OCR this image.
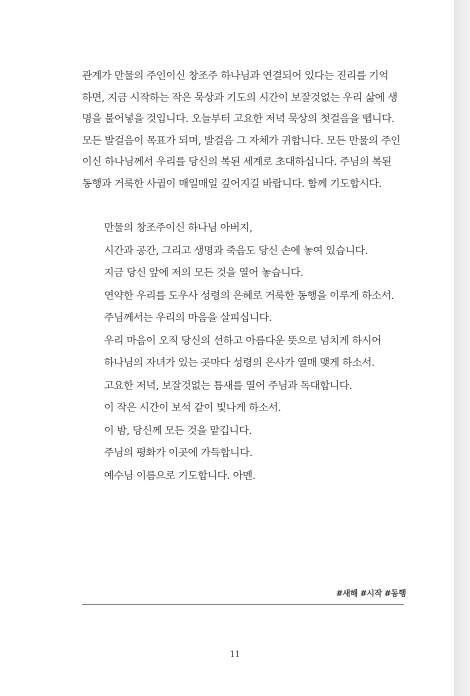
관계가 만물의 주인이신 창조주 하나님과 연결되어 있다는 진리를 기억
하면, 지금 시작하는 작은 묵상과 기도의 시간이 보잘것없는 우리 삶에 생
명을 불어넣을 것입니다. 오늘부터 고요한 저녁 묵상의 첫걸음을 뗍니다.
모든 발걸음이 목표가 되며, 발걸음 그 자체가 귀합니다. 모든 만물의 주인
이신 하나님께서 우리를 당신의 복된 세계로 초대하십니다. 주님의 복된
동행과 거룩한 사귐이 매일매일 깊어지길 바랍니다. 함께 기도합시다.
만물의 창조주이신 하나님 아버지,
시간과 공간, 그리고 생명과 죽음도 당신 손에 놓여 있습니다.
지금 당신 앞에 저의 모든 것을 열어 놓습니다.
연약한 우리를 도우사 성령의 은혜로 거룩한 동행을 이루게 하소서.
주님께서는 우리의 마음을 살피십니다.
우리 마음이 오직 당신의 선하고 아름다운 뜻으로 넘치게 하시어
하나님의 자녀가 있는 곳마다 성령의 은사가 열매 맺게 하소서.
고요한 저녁, 보잘것없는 틈새를 열어 주님과 독대합니다.
이 작은 시간이 보석 같이 빛나게 하소서.
이 밤, 당신께 모든 것을 맡깁니다.
주님의 평화가 이곳에 가득합니다.
예수님 이름으로 기도합니다. 아멘.
#새해 #시작 #동행
11
